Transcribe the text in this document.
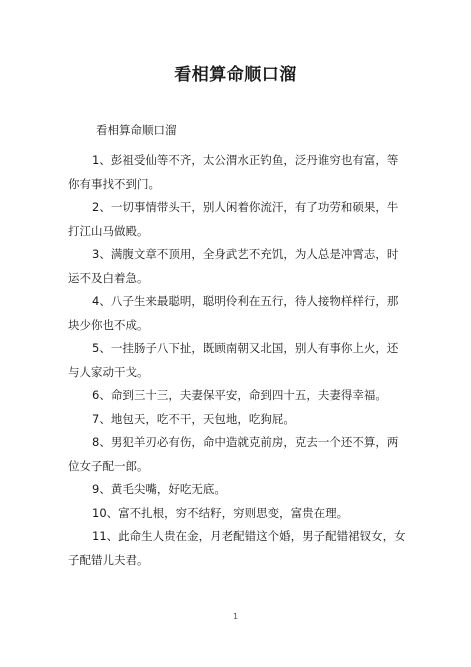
看相算命顺口溜
看相算命顺口溜
1、彭祖受仙等不齐，太公渭水正钓鱼，泛丹谁穷也有富，等你有事找不到门。
2、一切事情带头干，别人闲着你流汗，有了功劳和硕果，牛打江山马做殿。
3、满腹文章不顶用，全身武艺不充饥，为人总是冲霄志，时运不及白着急。
4、八子生来最聪明，聪明伶利在五行，待人接物样样行，那块少你也不成。
5、一挂肠子八下扯，既顾南朝又北国，别人有事你上火，还与人家动干戈。
6、命到三十三，夫妻保平安，命到四十五，夫妻得幸福。
7、地包天，吃不干，天包地，吃狗屁。
8、男犯羊刃必有伤，命中造就克前房，克去一个还不算，两位女子配一郎。
9、黄毛尖嘴，好吃无底。
10、富不扎根，穷不结籽，穷则思变，富贵在理。
11、此命生人贵在金，月老配错这个婚，男子配错裙钗女，女子配错儿夫君。
1
